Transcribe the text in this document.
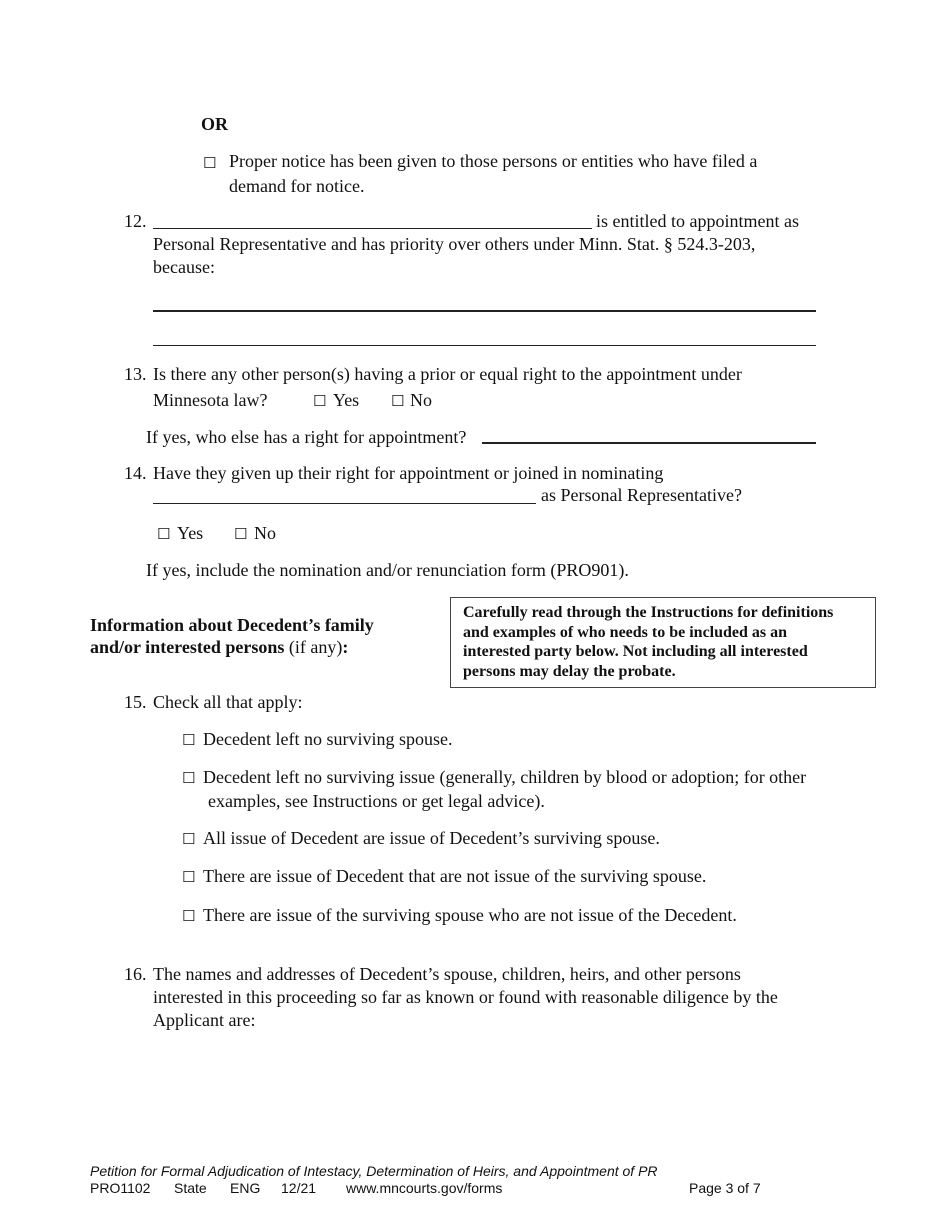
OR
☐ Proper notice has been given to those persons or entities who have filed a
demand for notice.
12.	is entitled to appointment as
Personal Representative and has priority over others under Minn. Stat. § 524.3-203,
because:
13. Is there any other person(s) having a prior or equal right to the appointment under
Minnesota law?	☐ Yes ☐ No
If yes, who else has a right for appointment?
14. Have they given up their right for appointment or joined in nominating
as Personal Representative?
☐ Yes ☐ No
If yes, include the nomination and/or renunciation form (PRO901).
Information about Decedent’s family
and/or interested persons (if any):
Carefully read through the Instructions for definitions
and examples of who needs to be included as an
interested party below. Not including all interested
persons may delay the probate.
15. Check all that apply:
☐ Decedent left no surviving spouse.
☐ Decedent left no surviving issue (generally, children by blood or adoption; for other
examples, see Instructions or get legal advice).
☐ All issue of Decedent are issue of Decedent’s surviving spouse.
☐ There are issue of Decedent that are not issue of the surviving spouse.
☐ There are issue of the surviving spouse who are not issue of the Decedent.
16. The names and addresses of Decedent’s spouse, children, heirs, and other persons
interested in this proceeding so far as known or found with reasonable diligence by the
Applicant are:
Petition for Formal Adjudication of Intestacy, Determination of Heirs, and Appointment of PR
PRO1102 State ENG 12/21 www.mncourts.gov/forms	Page 3 of 7
